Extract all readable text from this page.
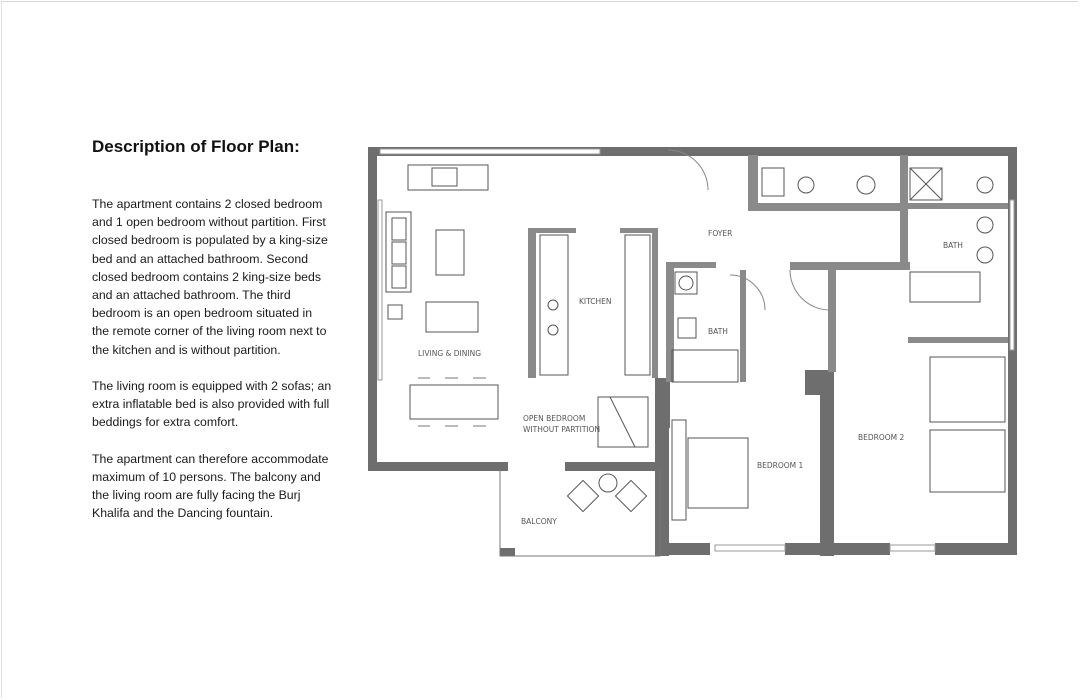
Description of Floor Plan:

The apartment contains 2 closed bedroom and 1 open bedroom without partition. First closed bedroom is populated by a king-size bed and an attached bathroom. Second closed bedroom contains 2 king-size beds and an attached bathroom. The third bedroom is an open bedroom situated in the remote corner of the living room next to the kitchen and is without partition.

The living room is equipped with 2 sofas; an extra inflatable bed is also provided with full beddings for extra comfort.

The apartment can therefore accommodate maximum of 10 persons. The balcony and the living room are fully facing the Burj Khalifa and the Dancing fountain.

FOYER
BATH
KITCHEN
BATH
LIVING & DINING
OPEN BEDROOM
WITHOUT PARTITION
BEDROOM 2
BEDROOM 1
BALCONY
